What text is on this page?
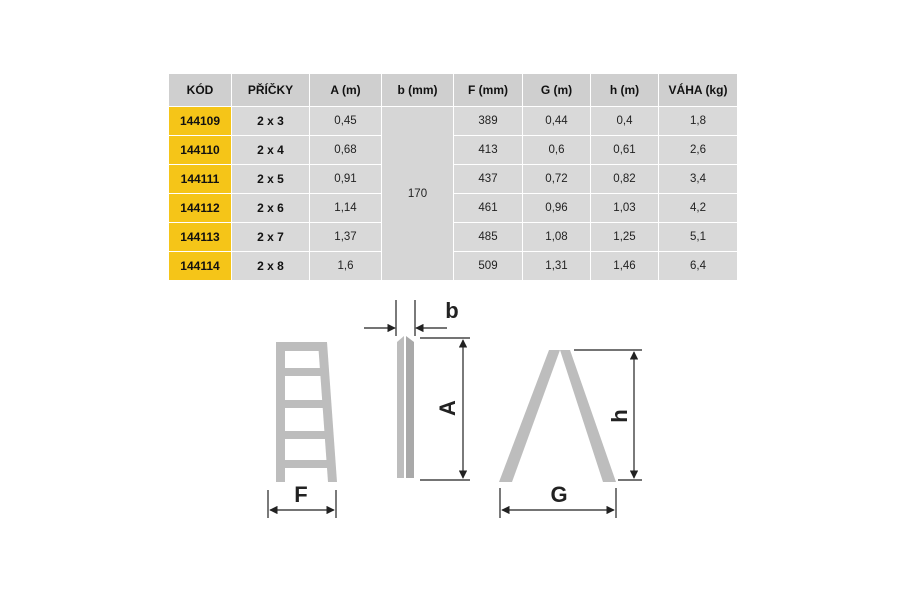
KÓD	PŘÍČKY	A (m)	b (mm)	F (mm)	G (m)	h (m)	VÁHA (kg)
144109	2 x 3	0,45	170	389	0,44	0,4	1,8
144110	2 x 4	0,68		413	0,6	0,61	2,6
144111	2 x 5	0,91		437	0,72	0,82	3,4
144112	2 x 6	1,14		461	0,96	1,03	4,2
144113	2 x 7	1,37		485	1,08	1,25	5,1
144114	2 x 8	1,6		509	1,31	1,46	6,4
F
b
A
h
G
